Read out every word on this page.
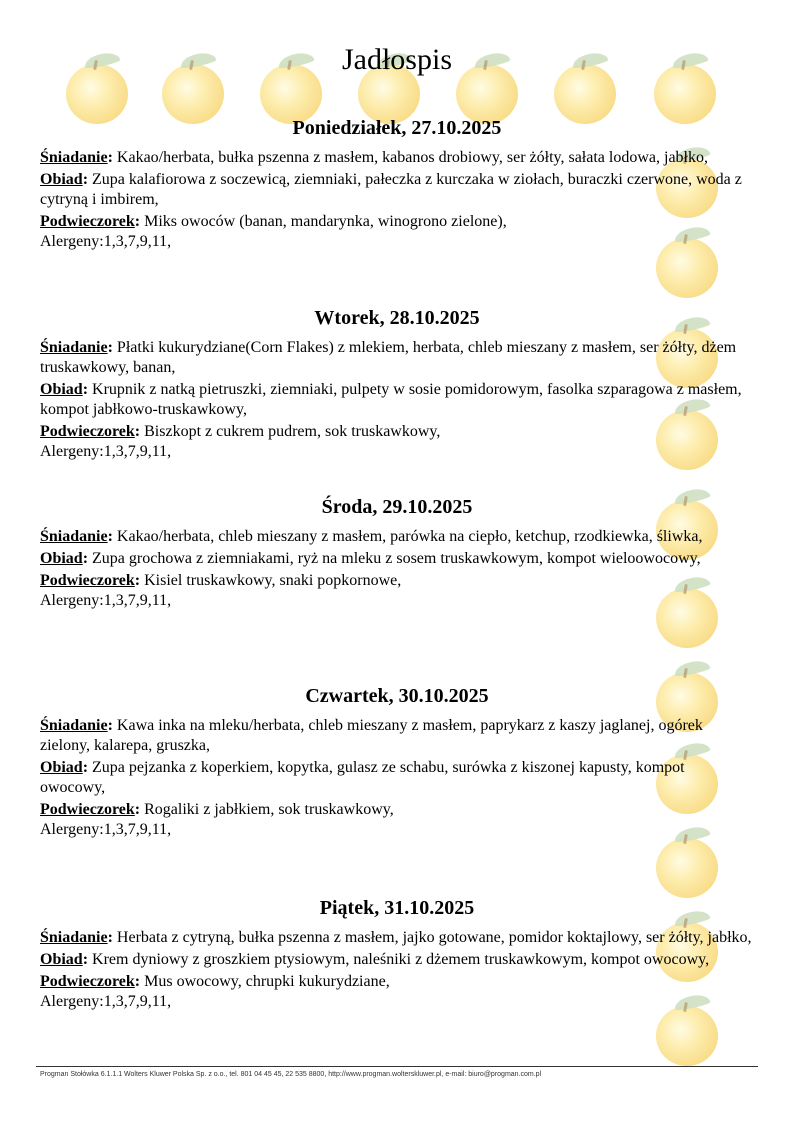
Jadłospis
Poniedziałek, 27.10.2025

Śniadanie: Kakao/herbata, bułka pszenna z masłem, kabanos drobiowy, ser żółty, sałata lodowa, jabłko,

Obiad: Zupa kalafiorowa z soczewicą, ziemniaki, pałeczka z kurczaka w ziołach, buraczki czerwone, woda z cytryną i imbirem,

Podwieczorek: Miks owoców (banan, mandarynka, winogrono zielone),
Alergeny:1,3,7,9,11,

Wtorek, 28.10.2025

Śniadanie: Płatki kukurydziane(Corn Flakes) z mlekiem, herbata, chleb mieszany z masłem, ser żółty, dżem truskawkowy, banan,

Obiad: Krupnik z natką pietruszki, ziemniaki, pulpety w sosie pomidorowym, fasolka szparagowa z masłem, kompot jabłkowo-truskawkowy,

Podwieczorek: Biszkopt z cukrem pudrem, sok truskawkowy,
Alergeny:1,3,7,9,11,

Środa, 29.10.2025

Śniadanie: Kakao/herbata, chleb mieszany z masłem, parówka na ciepło, ketchup, rzodkiewka, śliwka,

Obiad: Zupa grochowa z ziemniakami, ryż na mleku z sosem truskawkowym, kompot wieloowocowy,

Podwieczorek: Kisiel truskawkowy, snaki popkornowe,
Alergeny:1,3,7,9,11,

Czwartek, 30.10.2025

Śniadanie: Kawa inka na mleku/herbata, chleb mieszany z masłem, paprykarz z kaszy jaglanej, ogórek zielony, kalarepa, gruszka,

Obiad: Zupa pejzanka z koperkiem, kopytka, gulasz ze schabu, surówka z kiszonej kapusty, kompot owocowy,

Podwieczorek: Rogaliki z jabłkiem, sok truskawkowy,
Alergeny:1,3,7,9,11,

Piątek, 31.10.2025

Śniadanie: Herbata z cytryną, bułka pszenna z masłem, jajko gotowane, pomidor koktajlowy, ser żółty, jabłko,

Obiad: Krem dyniowy z groszkiem ptysiowym, naleśniki z dżemem truskawkowym, kompot owocowy,

Podwieczorek: Mus owocowy, chrupki kukurydziane,
Alergeny:1,3,7,9,11,

Progman Stołówka 6.1.1.1 Wolters Kluwer Polska Sp. z o.o., tel. 801 04 45 45, 22 535 8800, http://www.progman.wolterskluwer.pl, e-mail: biuro@progman.com.pl
